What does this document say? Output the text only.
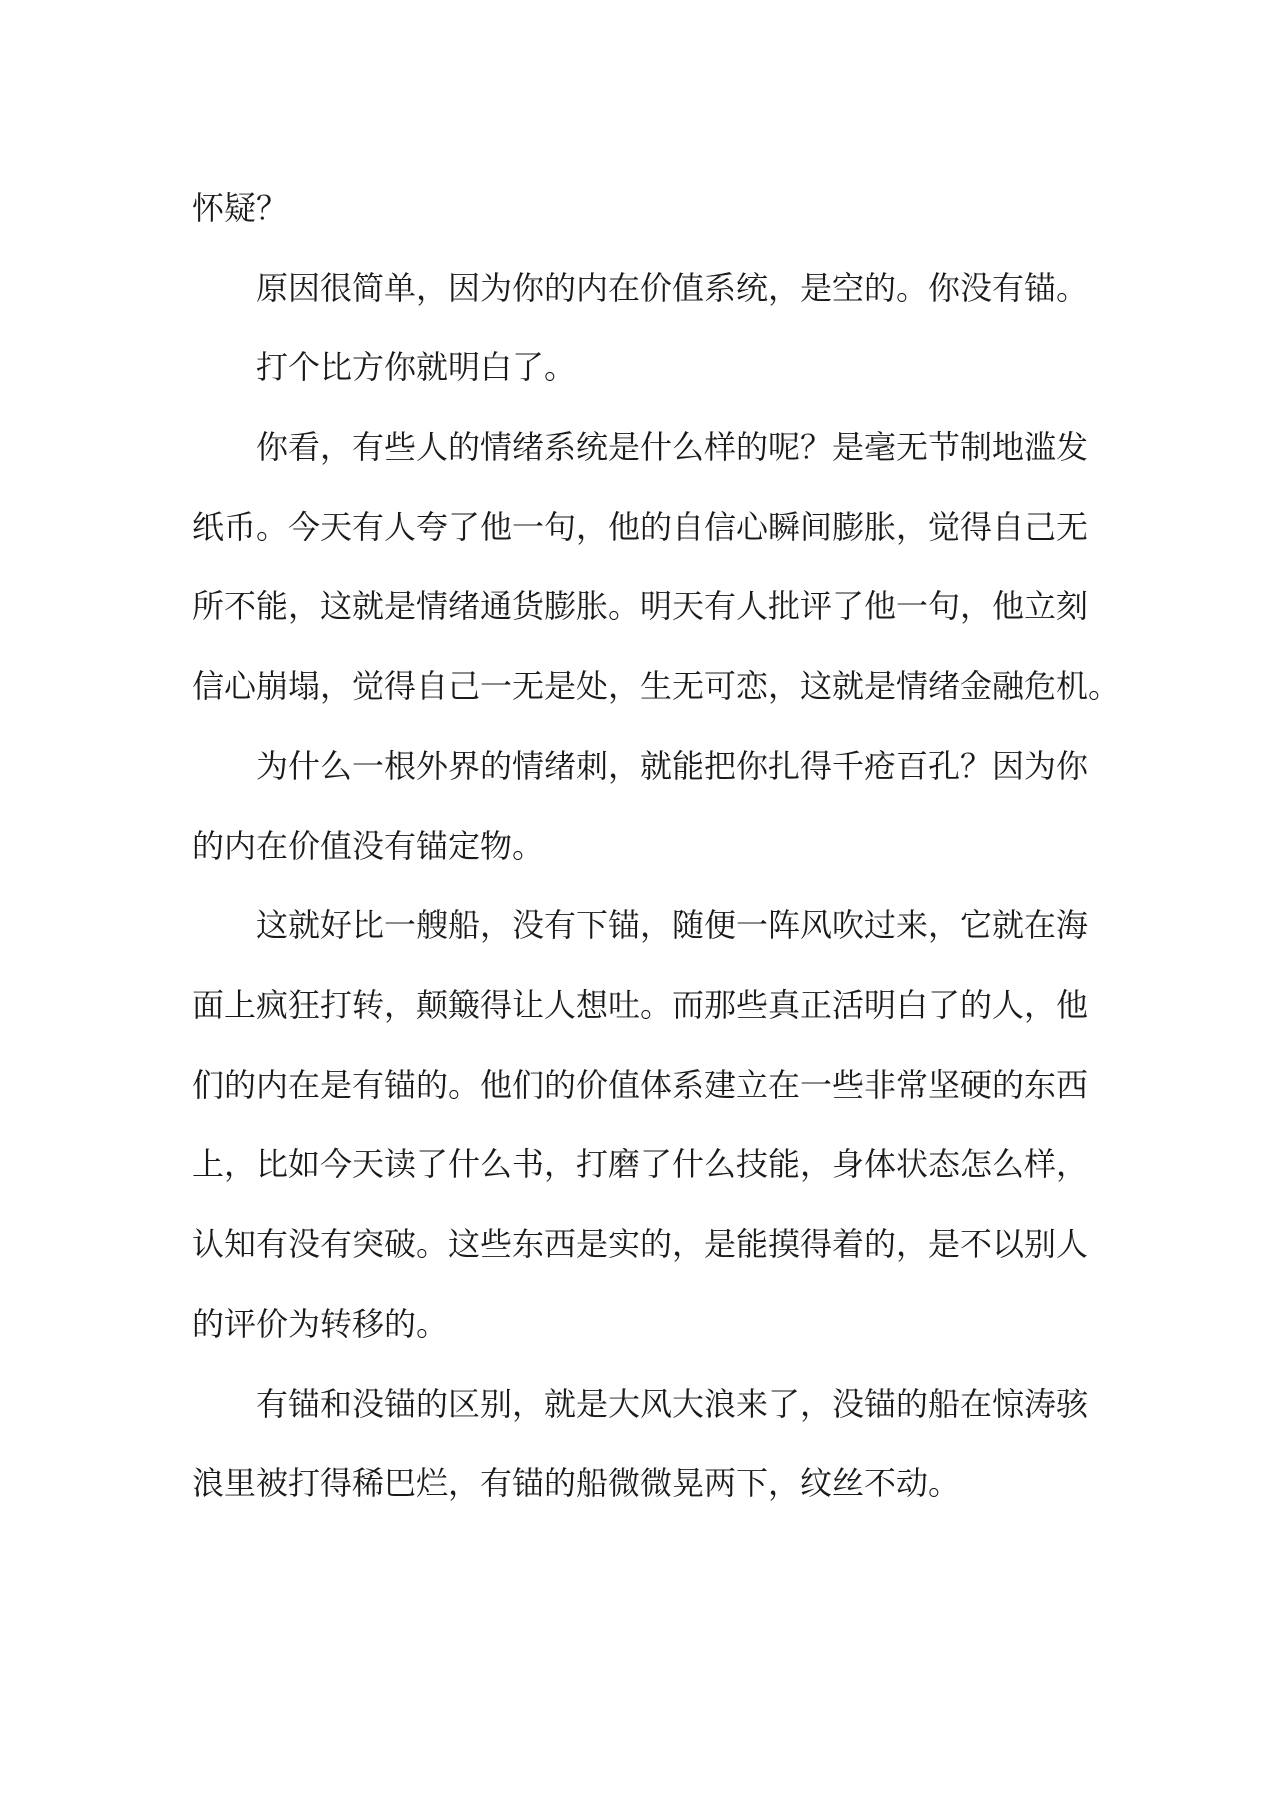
怀疑？
原因很简单，因为你的内在价值系统，是空的。你没有锚。
打个比方你就明白了。
你看，有些人的情绪系统是什么样的呢？是毫无节制地滥发
纸币。今天有人夸了他一句，他的自信心瞬间膨胀，觉得自己无
所不能，这就是情绪通货膨胀。明天有人批评了他一句，他立刻
信心崩塌，觉得自己一无是处，生无可恋，这就是情绪金融危机。
为什么一根外界的情绪刺，就能把你扎得千疮百孔？因为你
的内在价值没有锚定物。
这就好比一艘船，没有下锚，随便一阵风吹过来，它就在海
面上疯狂打转，颠簸得让人想吐。而那些真正活明白了的人，他
们的内在是有锚的。他们的价值体系建立在一些非常坚硬的东西
上，比如今天读了什么书，打磨了什么技能，身体状态怎么样，
认知有没有突破。这些东西是实的，是能摸得着的，是不以别人
的评价为转移的。
有锚和没锚的区别，就是大风大浪来了，没锚的船在惊涛骇
浪里被打得稀巴烂，有锚的船微微晃两下，纹丝不动。
